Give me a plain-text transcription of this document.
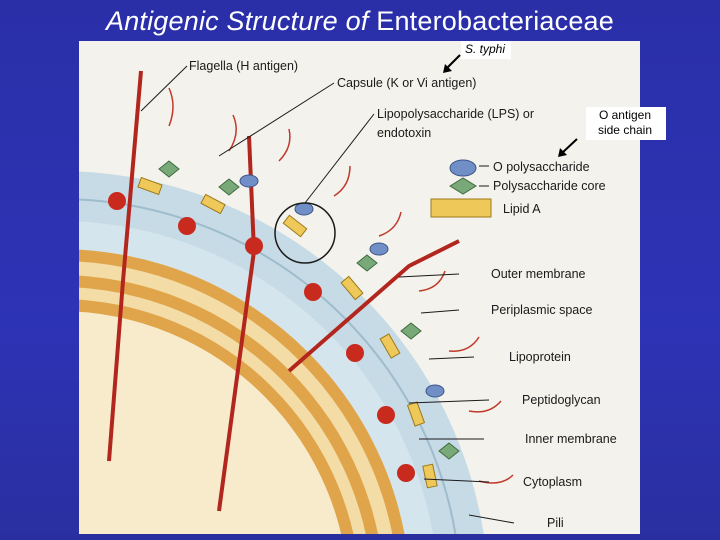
Antigenic Structure of Enterobacteriaceae
Flagella (H antigen)
Capsule (K or Vi antigen)
Lipopolysaccharide (LPS) or
endotoxin
O polysaccharide
Polysaccharide core
Lipid A
Outer membrane
Periplasmic space
Lipoprotein
Peptidoglycan
Inner membrane
Cytoplasm
Pili
S. typhi
O antigen side chain
